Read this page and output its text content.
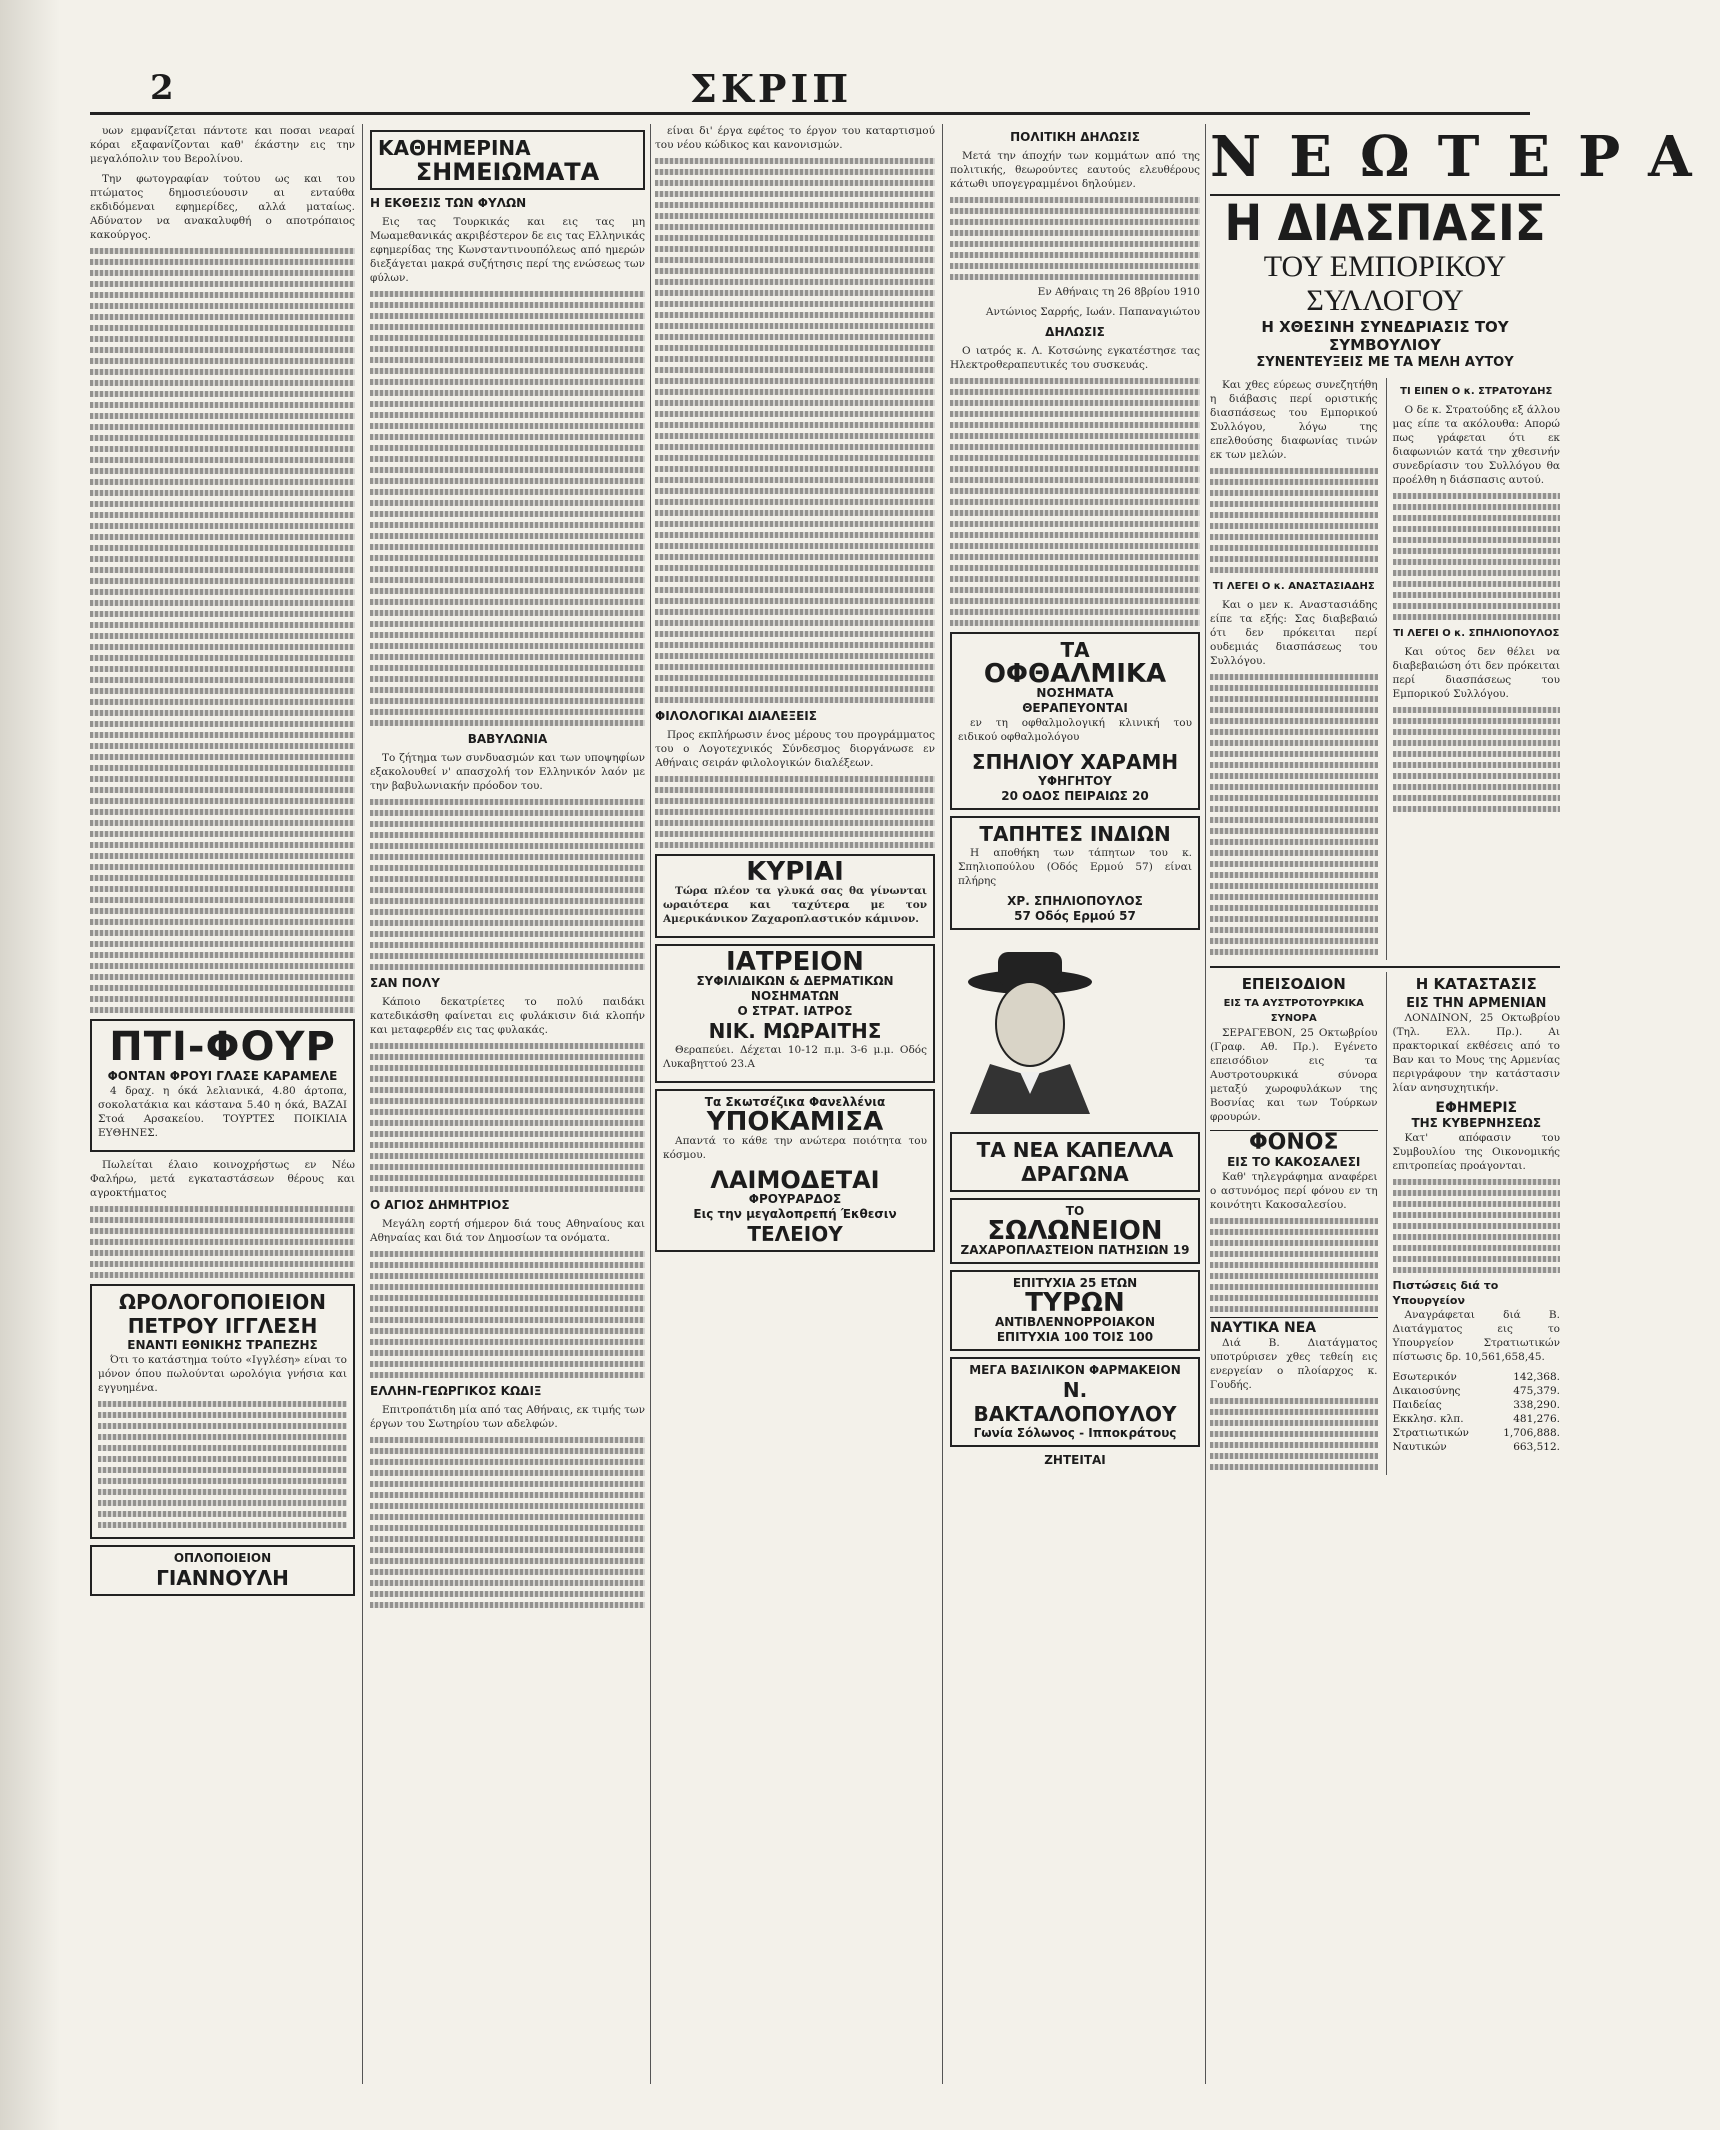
2	ΣΚΡΙΠ

υων εμφανίζεται πάντοτε και ποσαι νεαραί κόραι εξαφανίζονται καθ' έκάστην εις την μεγαλόπολιν του Βερολίνου.

Την φωτογραφίαν τούτου ως και του πτώματος δημοσιεύουσιν αι ενταύθα εκδιδόμεναι εφημερίδες, αλλά ματαίως. Αδύνατον να ανακαλυφθή ο αποτρόπαιος κακούργος.

ΠΤΙ-ΦΟΥΡ
ΦΟΝΤΑΝ ΦΡΟΥΙ ΓΛΑΣΕ ΚΑΡΑΜΕΛΕ

4 δραχ. η όκά λελιανικά, 4.80 άρτοπα, σοκολατάκια και κάστανα 5.40 η όκά, ΒΑΖΑΙ Στοά Αρσακείου. ΤΟΥΡΤΕΣ ΠΟΙΚΙΛΙΑ ΕΥΘΗΝΕΣ.

Πωλείται έλαιο κοινοχρήστως εν Νέω Φαλήρω, μετά εγκαταστάσεων θέρους και αγροκτήματος

ΩΡΟΛΟΓΟΠΟΙΕΙΟΝ
ΠΕΤΡΟΥ ΙΓΓΛΕΣΗ
ΕΝΑΝΤΙ ΕΘΝΙΚΗΣ ΤΡΑΠΕΖΗΣ

Ότι το κατάστημα τούτο «Ιγγλέση» είναι το μόνον όπου πωλούνται ωρολόγια γνήσια και εγγυημένα.

ΟΠΛΟΠΟΙΕΙΟΝ
ΓΙΑΝΝΟΥΛΗ
ΚΑΘΗΜΕΡΙΝΑ
ΣΗΜΕΙΩΜΑΤΑ
Η ΕΚΘΕΣΙΣ ΤΩΝ ΦΥΛΩΝ

Εις τας Τουρκικάς και εις τας μη Μωαμεθανικάς ακριβέστερον δε εις τας Ελληνικάς εφημερίδας της Κωνσταντινουπόλεως από ημερών διεξάγεται μακρά συζήτησις περί της ενώσεως των φύλων.

ΒΑΒΥΛΩΝΙΑ

Το ζήτημα των συνδυασμών και των υποψηφίων εξακολουθεί ν' απασχολή τον Ελληνικόν λαόν με την βαβυλωνιακήν πρόοδον του.

ΣΑΝ ΠΟΛΥ

Κάποιο δεκατρίετες το πολύ παιδάκι κατεδικάσθη φαίνεται εις φυλάκισιν διά κλοπήν και μεταφερθέν εις τας φυλακάς.

Ο ΑΓΙΟΣ ΔΗΜΗΤΡΙΟΣ

Μεγάλη εορτή σήμερον διά τους Αθηναίους και Αθηναίας και διά τον Δημοσίων τα ονόματα.

ΕΛΛΗΝ-ΓΕΩΡΓΙΚΟΣ ΚΩΔΙΞ

Επιτροπάτιδη μία από τας Αθήναις, εκ τιμής των έργων του Σωτηρίου των αδελφών.

είναι δι' έργα εφέτος το έργον του καταρτισμού του νέου κώδικος και κανονισμών.

ΦΙΛΟΛΟΓΙΚΑΙ ΔΙΑΛΕΞΕΙΣ

Προς εκπλήρωσιν ένος μέρους του προγράμματος του ο Λογοτεχνικός Σύνδεσμος διοργάνωσε εν Αθήναις σειράν φιλολογικών διαλέξεων.

ΚΥΡΙΑΙ

Τώρα πλέον τα γλυκά σας θα γίνωνται ωραιότερα και ταχύτερα με τον Αμερικάνικον Ζαχαροπλαστικόν κάμινον.

ΙΑΤΡΕΙΟΝ
ΣΥΦΙΛΙΔΙΚΩΝ & ΔΕΡΜΑΤΙΚΩΝ ΝΟΣΗΜΑΤΩΝ
Ο ΣΤΡΑΤ. ΙΑΤΡΟΣ
ΝΙΚ. ΜΩΡΑΙΤΗΣ

Θεραπεύει. Δέχεται 10-12 π.μ. 3-6 μ.μ. Οδός Λυκαβηττού 23.Α

Τα Σκωτσέζικα Φανελλένια
ΥΠΟΚΑΜΙΣΑ

Απαντά το κάθε την ανώτερα ποιότητα του κόσμου.

ΛΑΙΜΟΔΕΤΑΙ
ΦΡΟΥΡΑΡΔΟΣ
Εις την μεγαλοπρεπή Έκθεσιν
ΤΕΛΕΙΟΥ
ΠΟΛΙΤΙΚΗ ΔΗΛΩΣΙΣ

Μετά την άποχήν των κομμάτων από της πολιτικής, θεωρούντες εαυτούς ελευθέρους κάτωθι υπογεγραμμένοι δηλούμεν.

Εν Αθήναις τη 26 8βρίου 1910

Αντώνιος Σαρρής, Ιωάν. Παπαναγιώτου

ΔΗΛΩΣΙΣ

Ο ιατρός κ. Λ. Κοτσώνης εγκατέστησε τας Ηλεκτροθεραπευτικές του συσκευάς.

ΤΑ
ΟΦΘΑΛΜΙΚΑ
ΝΟΣΗΜΑΤΑ
ΘΕΡΑΠΕΥΟΝΤΑΙ

εν τη οφθαλμολογική κλινική του ειδικού οφθαλμολόγου

ΣΠΗΛΙΟΥ ΧΑΡΑΜΗ
ΥΦΗΓΗΤΟΥ
20 ΟΔΟΣ ΠΕΙΡΑΙΩΣ 20
ΤΑΠΗΤΕΣ ΙΝΔΙΩΝ

Η αποθήκη των τάπητων του κ. Σπηλιοπούλου (Οδός Ερμού 57) είναι πλήρης

ΧΡ. ΣΠΗΛΙΟΠΟΥΛΟΣ
57 Οδός Ερμού 57
ΤΑ ΝΕΑ ΚΑΠΕΛΛΑ
ΔΡΑΓΩΝΑ
ΤΟ
ΣΩΛΩΝΕΙΟΝ
ΖΑΧΑΡΟΠΛΑΣΤΕΙΟΝ ΠΑΤΗΣΙΩΝ 19
ΕΠΙΤΥΧΙΑ 25 ΕΤΩΝ
ΤΥΡΩΝ
ΑΝΤΙΒΛΕΝΝΟΡΡΟΙΑΚΟΝ
ΕΠΙΤΥΧΙΑ 100 ΤΟΙΣ 100
ΜΕΓΑ ΒΑΣΙΛΙΚΟΝ ΦΑΡΜΑΚΕΙΟΝ
Ν. ΒΑΚΤΑΛΟΠΟΥΛΟΥ
Γωνία Σόλωνος - Ιπποκράτους
ΖΗΤΕΙΤΑΙ
ΝΕΩΤΕΡΑ
Η ΔΙΑΣΠΑΣΙΣ
ΤΟΥ ΕΜΠΟΡΙΚΟΥ ΣΥΛΛΟΓΟΥ
Η ΧΘΕΣΙΝΗ ΣΥΝΕΔΡΙΑΣΙΣ ΤΟΥ ΣΥΜΒΟΥΛΙΟΥ
ΣΥΝΕΝΤΕΥΞΕΙΣ ΜΕ ΤΑ ΜΕΛΗ ΑΥΤΟΥ

Και χθες εύρεως συνεζητήθη η διάβασις περί οριστικής διασπάσεως του Εμπορικού Συλλόγου, λόγω της επελθούσης διαφωνίας τινών εκ των μελών.

ΤΙ ΛΕΓΕΙ Ο κ. ΑΝΑΣΤΑΣΙΑΔΗΣ

Και ο μεν κ. Αναστασιάδης είπε τα εξής: Σας διαβεβαιώ ότι δεν πρόκειται περί ουδεμιάς διασπάσεως του Συλλόγου.

ΤΙ ΕΙΠΕΝ Ο κ. ΣΤΡΑΤΟΥΔΗΣ

Ο δε κ. Στρατούδης εξ άλλου μας είπε τα ακόλουθα: Απορώ πως γράφεται ότι εκ διαφωνιών κατά την χθεσινήν συνεδρίασιν του Συλλόγου θα προέλθη η διάσπασις αυτού.

ΤΙ ΛΕΓΕΙ Ο κ. ΣΠΗΛΙΟΠΟΥΛΟΣ

Και ούτος δεν θέλει να διαβεβαιώση ότι δεν πρόκειται περί διασπάσεως του Εμπορικού Συλλόγου.

ΕΠΕΙΣΟΔΙΟΝ
ΕΙΣ ΤΑ ΑΥΣΤΡΟΤΟΥΡΚΙΚΑ ΣΥΝΟΡΑ

ΣΕΡΑΓΕΒΟΝ, 25 Οκτωβρίου (Γραφ. Αθ. Πρ.). Εγένετο επεισόδιον εις τα Αυστροτουρκικά σύνορα μεταξύ χωροφυλάκων της Βοσνίας και των Τούρκων φρουρών.

ΦΟΝΟΣ
ΕΙΣ ΤΟ ΚΑΚΟΣΑΛΕΣΙ

Καθ' τηλεγράφημα αναφέρει ο αστυνόμος περί φόνου εν τη κοινότητι Κακοσαλεσίου.

ΝΑΥΤΙΚΑ ΝΕΑ

Διά Β. Διατάγματος υποτρύρισεν χθες τεθείη εις ενεργείαν ο πλοίαρχος κ. Γουδής.

Η ΚΑΤΑΣΤΑΣΙΣ
ΕΙΣ ΤΗΝ ΑΡΜΕΝΙΑΝ

ΛΟΝΔΙΝΟΝ, 25 Οκτωβρίου (Τηλ. Ελλ. Πρ.). Αι πρακτορικαί εκθέσεις από το Βαν και το Μους της Αρμενίας περιγράφουν την κατάστασιν λίαν ανησυχητικήν.

ΕΦΗΜΕΡΙΣ
ΤΗΣ ΚΥΒΕΡΝΗΣΕΩΣ

Κατ' απόφασιν του Συμβουλίου της Οικονομικής επιτροπείας προάγονται.

Πιστώσεις διά το Υπουργείον

Αναγράφεται διά Β. Διατάγματος εις το Υπουργείον Στρατιωτικών πίστωσις δρ. 10,561,658,45.

Εσωτερικόν	142,368.
Δικαιοσύνης	475,379.
Παιδείας	338,290.
Εκκλησ. κλπ.	481,276.
Στρατιωτικών	1,706,888.
Ναυτικών	663,512.
